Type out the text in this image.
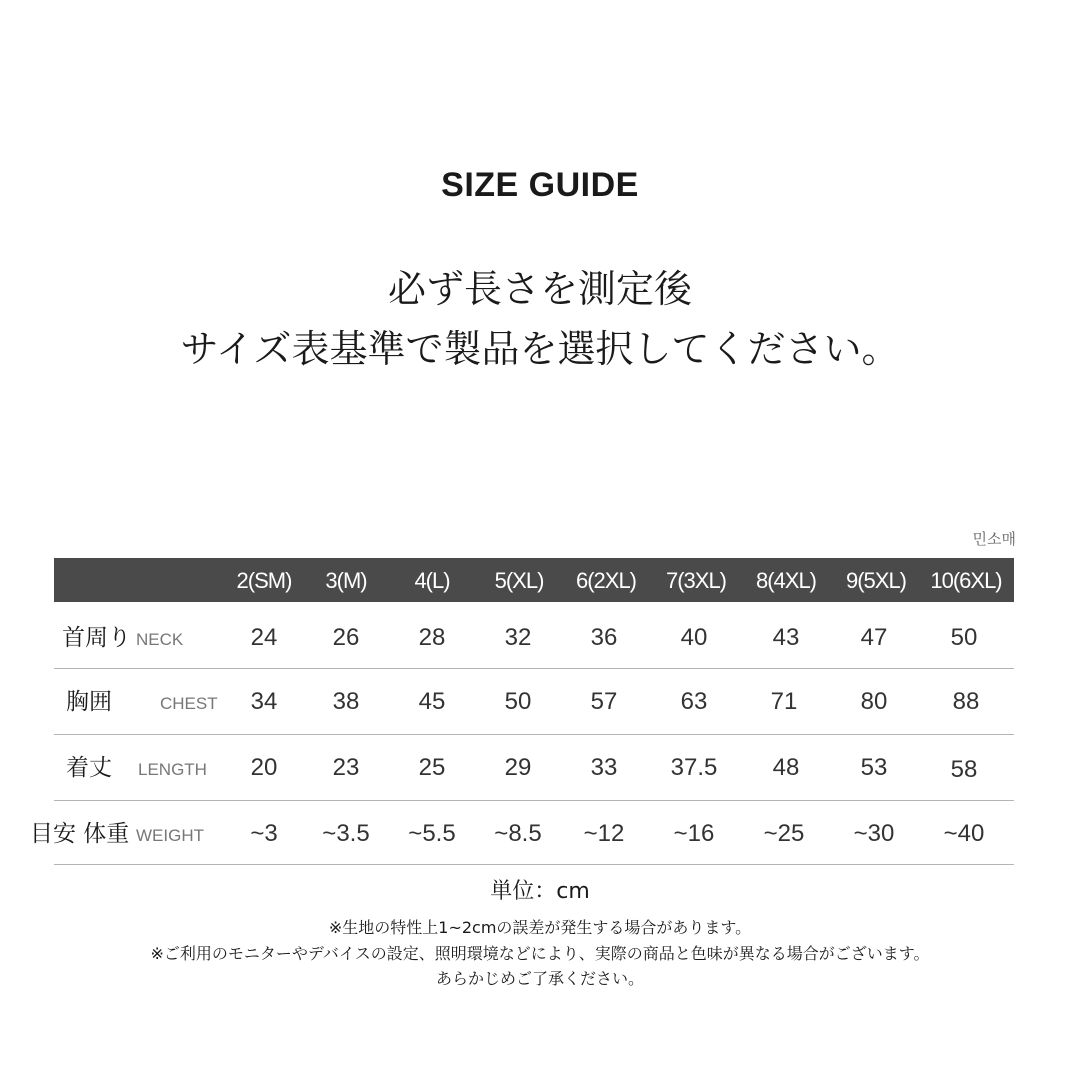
SIZE GUIDE
必ず長さを測定後
サイズ表基準で製品を選択してください。
민소매
2(SM)	3(M)	4(L)	5(XL)	6(2XL)	7(3XL)	8(4XL)	9(5XL)	10(6XL)
首周り NECK	24	26	28	32	36	40	43	47	50
胸囲	CHEST	34	38	45	50	57	63	71	80	88
着丈 LENGTH	20	23	25	29	33	37.5	48	53	58
目安 体重 WEIGHT	~3	~3.5	~5.5	~8.5	~12	~16	~25	~30	~40
単位：cm
※生地の特性上1~2cmの誤差が発生する場合があります。
※ご利用のモニターやデバイスの設定、照明環境などにより、実際の商品と色味が異なる場合がございます。
あらかじめご了承ください。
